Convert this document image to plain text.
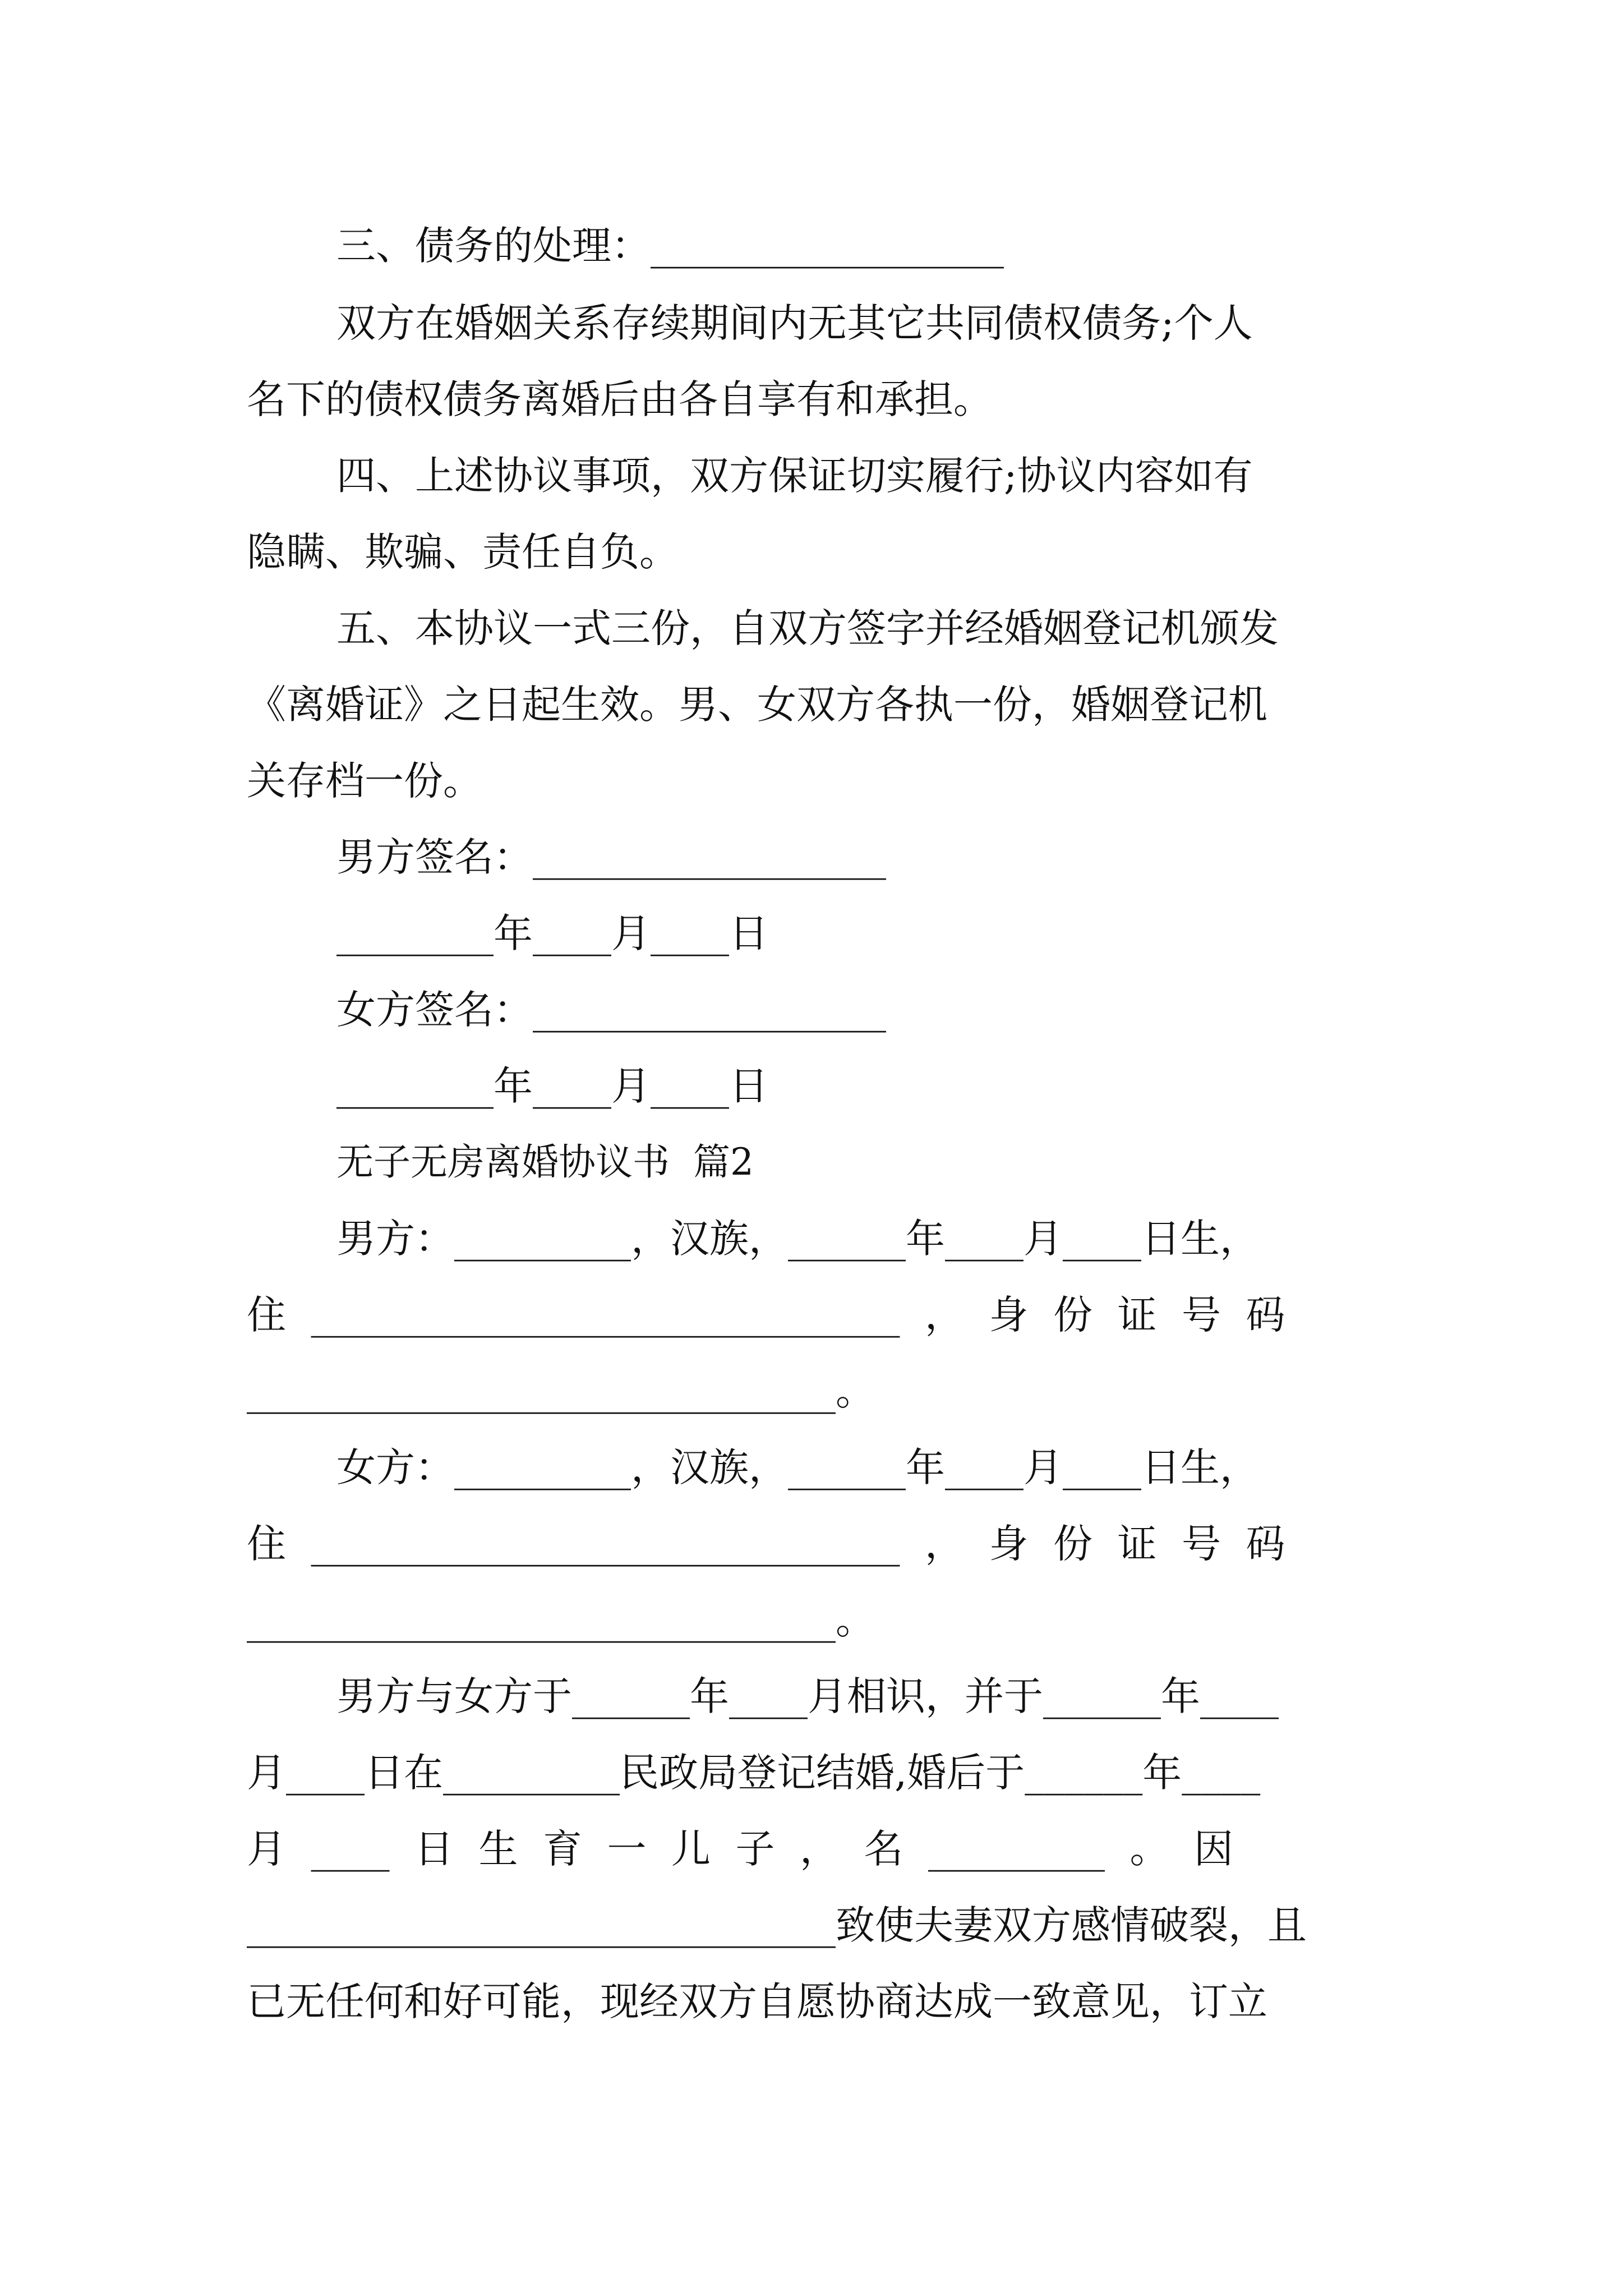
三、债务的处理：__________________
双方在婚姻关系存续期间内无其它共同债权债务;个人
名下的债权债务离婚后由各自享有和承担。
四、上述协议事项，双方保证切实履行;协议内容如有
隐瞒、欺骗、责任自负。
五、本协议一式三份，自双方签字并经婚姻登记机颁发
《离婚证》之日起生效。男、女双方各执一份，婚姻登记机
关存档一份。
男方签名：__________________
________年____月____日
女方签名：__________________
________年____月____日
无子无房离婚协议书  篇2
男方：_________，汉族，______年____月____日生，
住  ______________________________  ，  身  份  证  号  码
______________________________。
女方：_________，汉族，______年____月____日生，
住  ______________________________  ，  身  份  证  号  码
______________________________。
男方与女方于______年____月相识，并于______年____
月____日在_________民政局登记结婚,婚后于______年____
月  ____  日  生  育  一  儿  子  ，  名  _________  。  因
______________________________致使夫妻双方感情破裂，且
已无任何和好可能，现经双方自愿协商达成一致意见，订立
